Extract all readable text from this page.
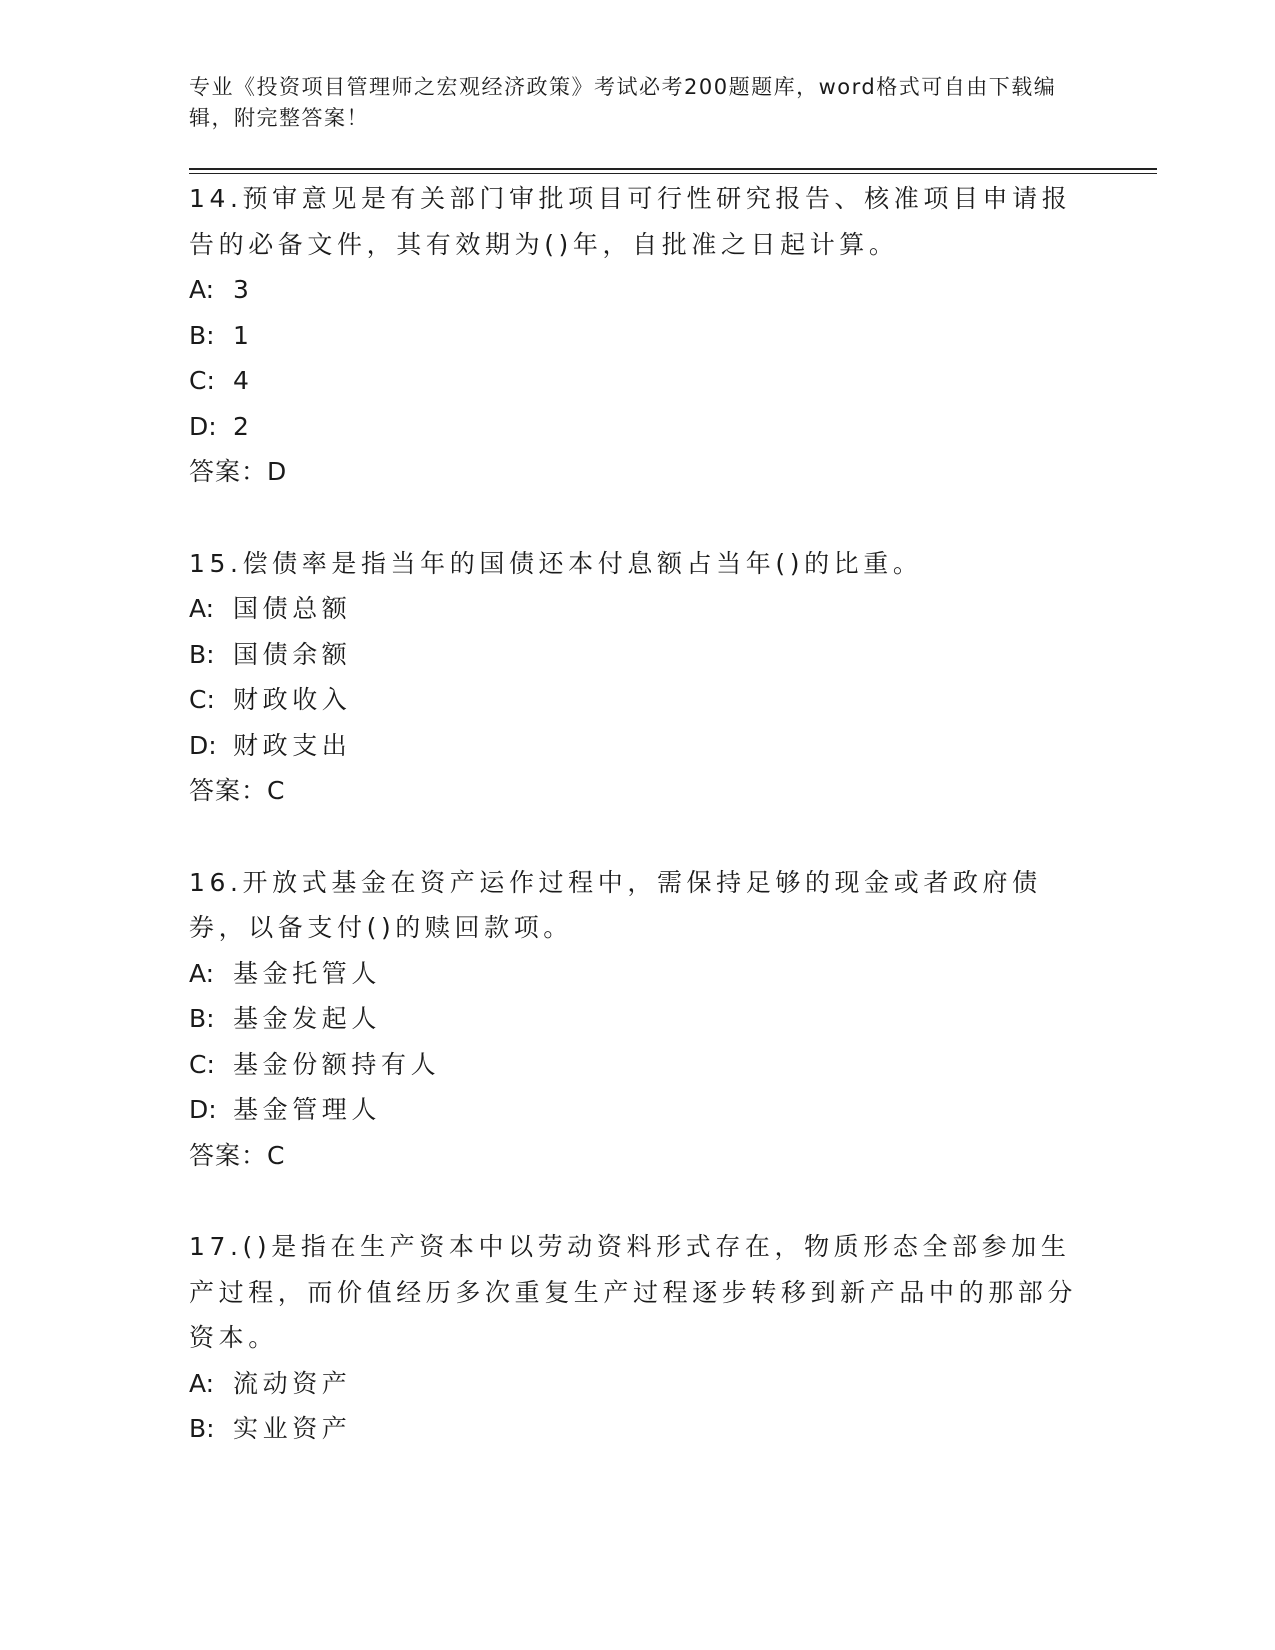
专业《投资项目管理师之宏观经济政策》考试必考200题题库，word格式可自由下载编辑，附完整答案！

14.预审意见是有关部门审批项目可行性研究报告、核准项目申请报告的必备文件，其有效期为()年，自批准之日起计算。

A: 3

B: 1

C: 4

D: 2

答案：D

15.偿债率是指当年的国债还本付息额占当年()的比重。

A: 国债总额

B: 国债余额

C: 财政收入

D: 财政支出

答案：C

16.开放式基金在资产运作过程中，需保持足够的现金或者政府债券，以备支付()的赎回款项。

A: 基金托管人

B: 基金发起人

C: 基金份额持有人

D: 基金管理人

答案：C

17.()是指在生产资本中以劳动资料形式存在，物质形态全部参加生产过程，而价值经历多次重复生产过程逐步转移到新产品中的那部分资本。

A: 流动资产

B: 实业资产
